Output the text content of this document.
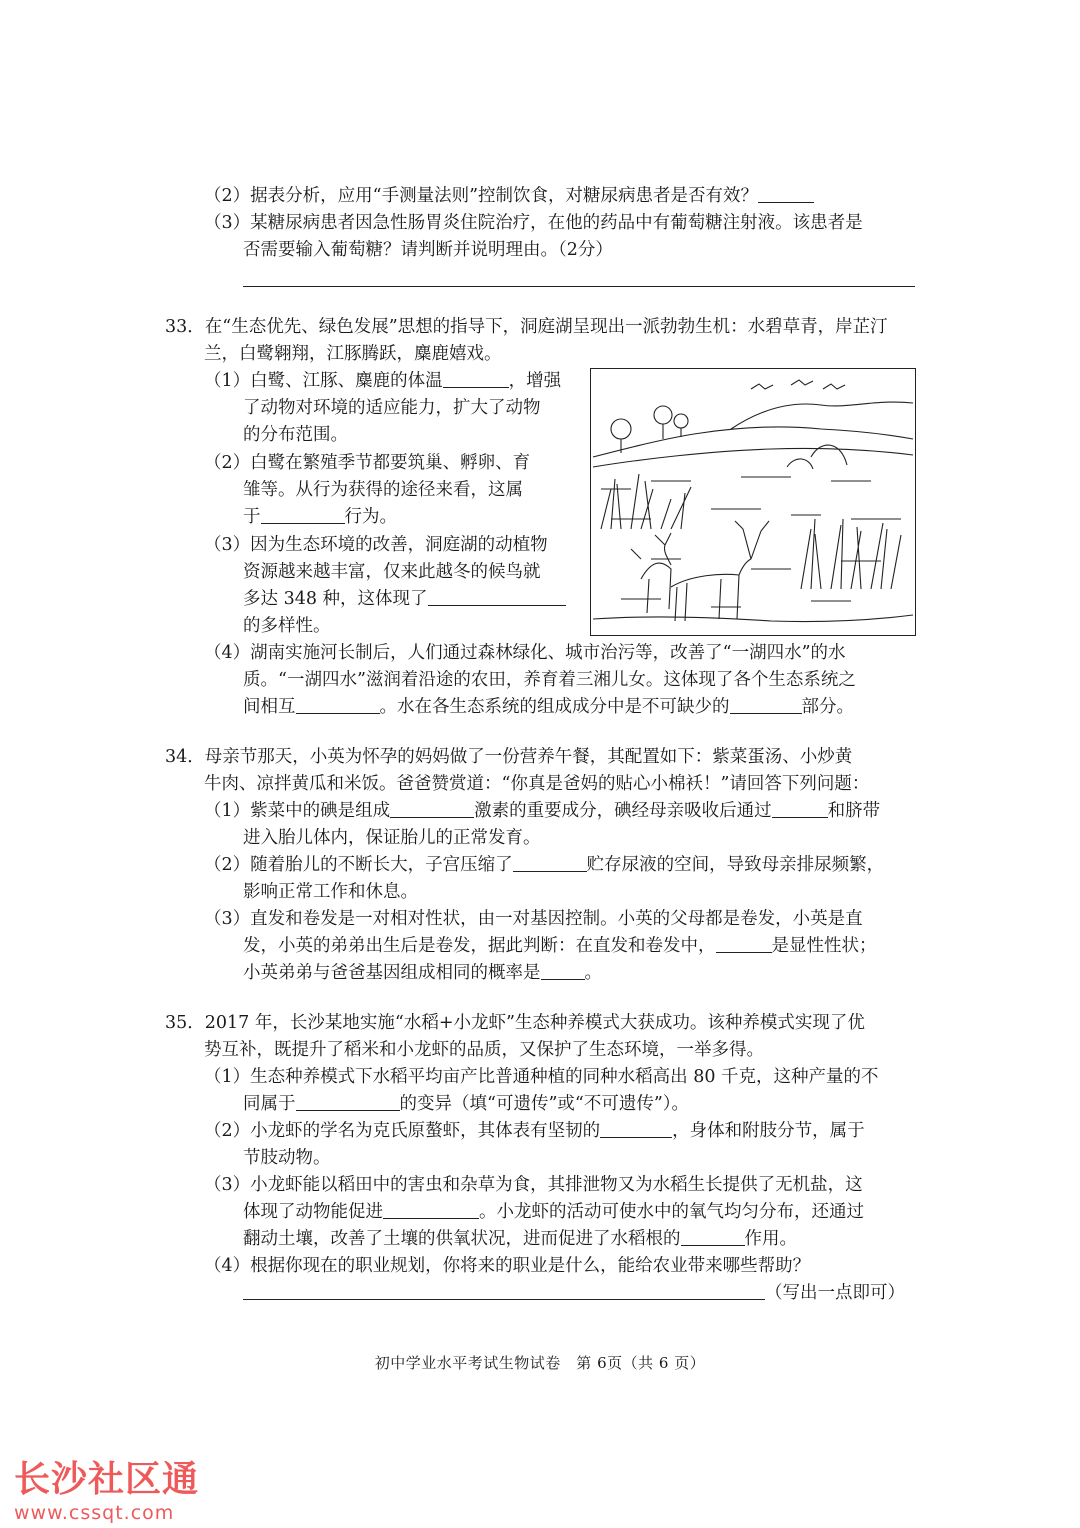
（2）据表分析，应用“手测量法则”控制饮食，对糖尿病患者是否有效？
（3）某糖尿病患者因急性肠胃炎住院治疗，在他的药品中有葡萄糖注射液。该患者是
否需要输入葡萄糖？请判断并说明理由。（2分）
33．在“生态优先、绿色发展”思想的指导下，洞庭湖呈现出一派勃勃生机：水碧草青，岸芷汀
兰，白鹭翱翔，江豚腾跃，麋鹿嬉戏。
（1）白鹭、江豚、麋鹿的体温	，增强
了动物对环境的适应能力，扩大了动物
的分布范围。
（2）白鹭在繁殖季节都要筑巢、孵卵、育
雏等。从行为获得的途径来看，这属
于	行为。
（3）因为生态环境的改善，洞庭湖的动植物
资源越来越丰富，仅来此越冬的候鸟就
多达 348 种，这体现了
的多样性。
（4）湖南实施河长制后，人们通过森林绿化、城市治污等，改善了“一湖四水”的水
质。“一湖四水”滋润着沿途的农田，养育着三湘儿女。这体现了各个生态系统之
间相互	。水在各生态系统的组成成分中是不可缺少的	部分。
34．母亲节那天，小英为怀孕的妈妈做了一份营养午餐，其配置如下：紫菜蛋汤、小炒黄
牛肉、凉拌黄瓜和米饭。爸爸赞赏道：“你真是爸妈的贴心小棉袄！”请回答下列问题：
（1）紫菜中的碘是组成	激素的重要成分，碘经母亲吸收后通过	和脐带
进入胎儿体内，保证胎儿的正常发育。
（2）随着胎儿的不断长大，子宫压缩了	贮存尿液的空间，导致母亲排尿频繁，
影响正常工作和休息。
（3）直发和卷发是一对相对性状，由一对基因控制。小英的父母都是卷发，小英是直
发，小英的弟弟出生后是卷发，据此判断：在直发和卷发中，	是显性性状；
小英弟弟与爸爸基因组成相同的概率是	。
35．2017 年，长沙某地实施“水稻+小龙虾”生态种养模式大获成功。该种养模式实现了优
势互补，既提升了稻米和小龙虾的品质，又保护了生态环境，一举多得。
（1）生态种养模式下水稻平均亩产比普通种植的同种水稻高出 80 千克，这种产量的不
同属于	的变异（填“可遗传”或“不可遗传”）。
（2）小龙虾的学名为克氏原螯虾，其体表有坚韧的	，身体和附肢分节，属于
节肢动物。
（3）小龙虾能以稻田中的害虫和杂草为食，其排泄物又为水稻生长提供了无机盐，这
体现了动物能促进	。小龙虾的活动可使水中的氧气均匀分布，还通过
翻动土壤，改善了土壤的供氧状况，进而促进了水稻根的	作用。
（4）根据你现在的职业规划，你将来的职业是什么，能给农业带来哪些帮助？
（写出一点即可）
初中学业水平考试生物试卷　第 6页（共 6 页）
长沙社区通
www.cssqt.com
